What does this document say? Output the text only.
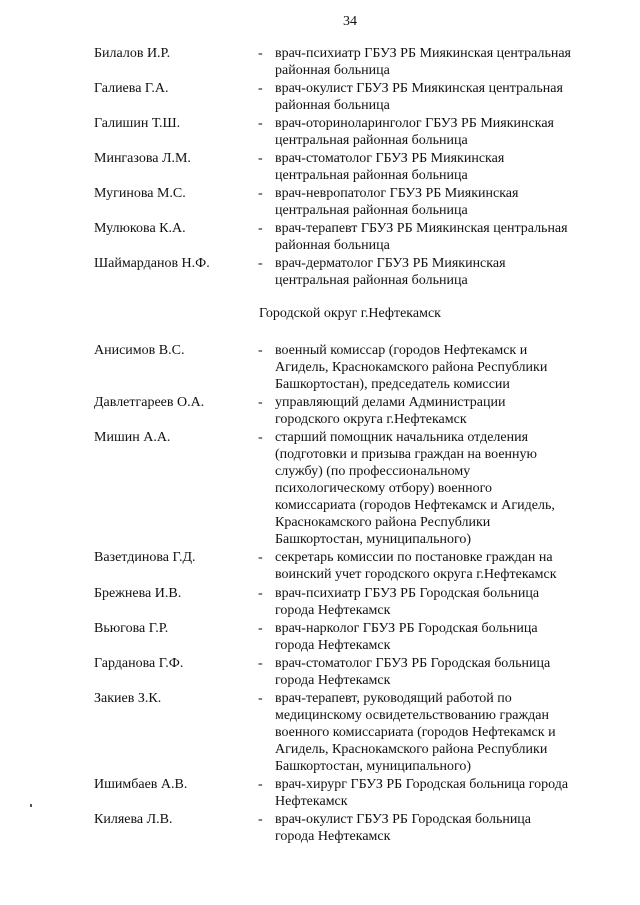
34
Билалов И.Р.	- врач-психиатр ГБУЗ РБ Миякинская центральная
районная больница
Галиева Г.А.	- врач-окулист ГБУЗ РБ Миякинская центральная
районная больница
Галишин Т.Ш.	- врач-оториноларинголог ГБУЗ РБ Миякинская
центральная районная больница
Мингазова Л.М.	- врач-стоматолог ГБУЗ РБ Миякинская
центральная районная больница
Мугинова М.С.	- врач-невропатолог ГБУЗ РБ Миякинская
центральная районная больница
Мулюкова К.А.	- врач-терапевт ГБУЗ РБ Миякинская центральная
районная больница
Шаймарданов Н.Ф.	- врач-дерматолог ГБУЗ РБ Миякинская
центральная районная больница
Городской округ г.Нефтекамск
Анисимов В.С.	- военный комиссар (городов Нефтекамск и
Агидель, Краснокамского района Республики
Башкортостан), председатель комиссии
Давлетгареев О.А.	- управляющий делами Администрации
городского округа г.Нефтекамск
Мишин А.А.	- старший помощник начальника отделения
(подготовки и призыва граждан на военную
службу) (по профессиональному
психологическому отбору) военного
комиссариата (городов Нефтекамск и Агидель,
Краснокамского района Республики
Башкортостан, муниципального)
Вазетдинова Г.Д.	- секретарь комиссии по постановке граждан на
воинский учет городского округа г.Нефтекамск
Брежнева И.В.	- врач-психиатр ГБУЗ РБ Городская больница
города Нефтекамск
Вьюгова Г.Р.	- врач-нарколог ГБУЗ РБ Городская больница
города Нефтекамск
Гарданова Г.Ф.	- врач-стоматолог ГБУЗ РБ Городская больница
города Нефтекамск
Закиев З.К.	- врач-терапевт, руководящий работой по
медицинскому освидетельствованию граждан
военного комиссариата (городов Нефтекамск и
Агидель, Краснокамского района Республики
Башкортостан, муниципального)
Ишимбаев А.В.	- врач-хирург ГБУЗ РБ Городская больница города
Нефтекамск
Киляева Л.В.	- врач-окулист ГБУЗ РБ Городская больница
города Нефтекамск
